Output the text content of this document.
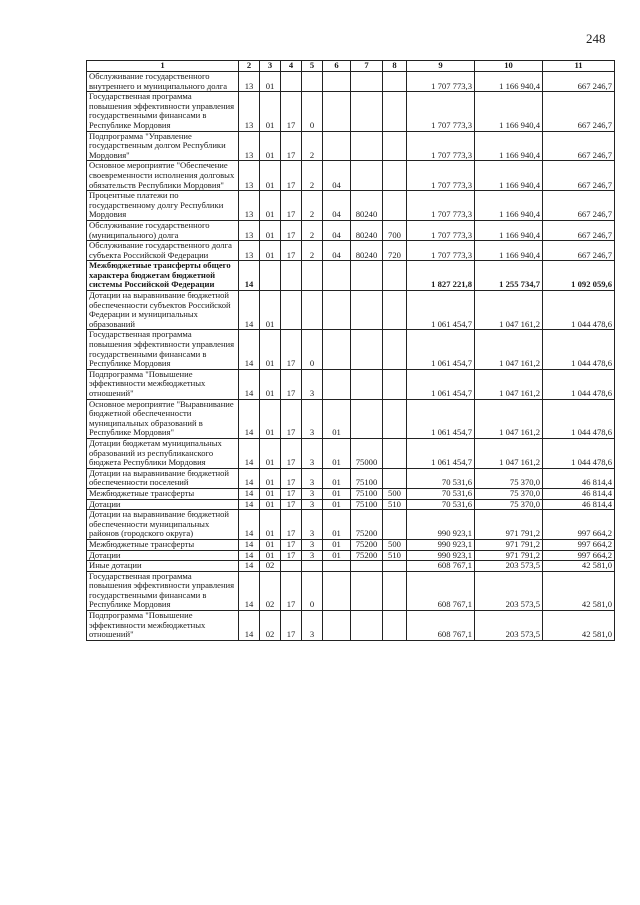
248
1	2	3	4	5	6	7	8	9	10	11
Обслуживание государственного внутреннего и муниципального долга	13	01						1 707 773,3	1 166 940,4	667 246,7
Государственная программа повышения эффективности управления государственными финансами в Республике Мордовия	13	01	17	0				1 707 773,3	1 166 940,4	667 246,7
Подпрограмма "Управление государственным долгом Республики Мордовия"	13	01	17	2				1 707 773,3	1 166 940,4	667 246,7
Основное мероприятие "Обеспечение своевременности исполнения долговых обязательств Республики Мордовия"	13	01	17	2	04			1 707 773,3	1 166 940,4	667 246,7
Процентные платежи по государственному долгу Республики Мордовия	13	01	17	2	04	80240		1 707 773,3	1 166 940,4	667 246,7
Обслуживание государственного (муниципального) долга	13	01	17	2	04	80240	700	1 707 773,3	1 166 940,4	667 246,7
Обслуживание государственного долга субъекта Российской Федерации	13	01	17	2	04	80240	720	1 707 773,3	1 166 940,4	667 246,7
Межбюджетные трансферты общего характера бюджетам бюджетной системы Российской Федерации	14							1 827 221,8	1 255 734,7	1 092 059,6
Дотации на выравнивание бюджетной обеспеченности субъектов Российской Федерации и муниципальных образований	14	01						1 061 454,7	1 047 161,2	1 044 478,6
Государственная программа повышения эффективности управления государственными финансами в Республике Мордовия	14	01	17	0				1 061 454,7	1 047 161,2	1 044 478,6
Подпрограмма "Повышение эффективности межбюджетных отношений"	14	01	17	3				1 061 454,7	1 047 161,2	1 044 478,6
Основное мероприятие "Выравнивание бюджетной обеспеченности муниципальных образований в Республике Мордовия"	14	01	17	3	01			1 061 454,7	1 047 161,2	1 044 478,6
Дотации бюджетам муниципальных образований из республиканского бюджета Республики Мордовия	14	01	17	3	01	75000		1 061 454,7	1 047 161,2	1 044 478,6
Дотации на выравнивание бюджетной обеспеченности поселений	14	01	17	3	01	75100		70 531,6	75 370,0	46 814,4
Межбюджетные трансферты	14	01	17	3	01	75100	500	70 531,6	75 370,0	46 814,4
Дотации	14	01	17	3	01	75100	510	70 531,6	75 370,0	46 814,4
Дотации на выравнивание бюджетной обеспеченности муниципальных районов (городского округа)	14	01	17	3	01	75200		990 923,1	971 791,2	997 664,2
Межбюджетные трансферты	14	01	17	3	01	75200	500	990 923,1	971 791,2	997 664,2
Дотации	14	01	17	3	01	75200	510	990 923,1	971 791,2	997 664,2
Иные дотации	14	02						608 767,1	203 573,5	42 581,0
Государственная программа повышения эффективности управления государственными финансами в Республике Мордовия	14	02	17	0				608 767,1	203 573,5	42 581,0
Подпрограмма "Повышение эффективности межбюджетных отношений"	14	02	17	3				608 767,1	203 573,5	42 581,0
